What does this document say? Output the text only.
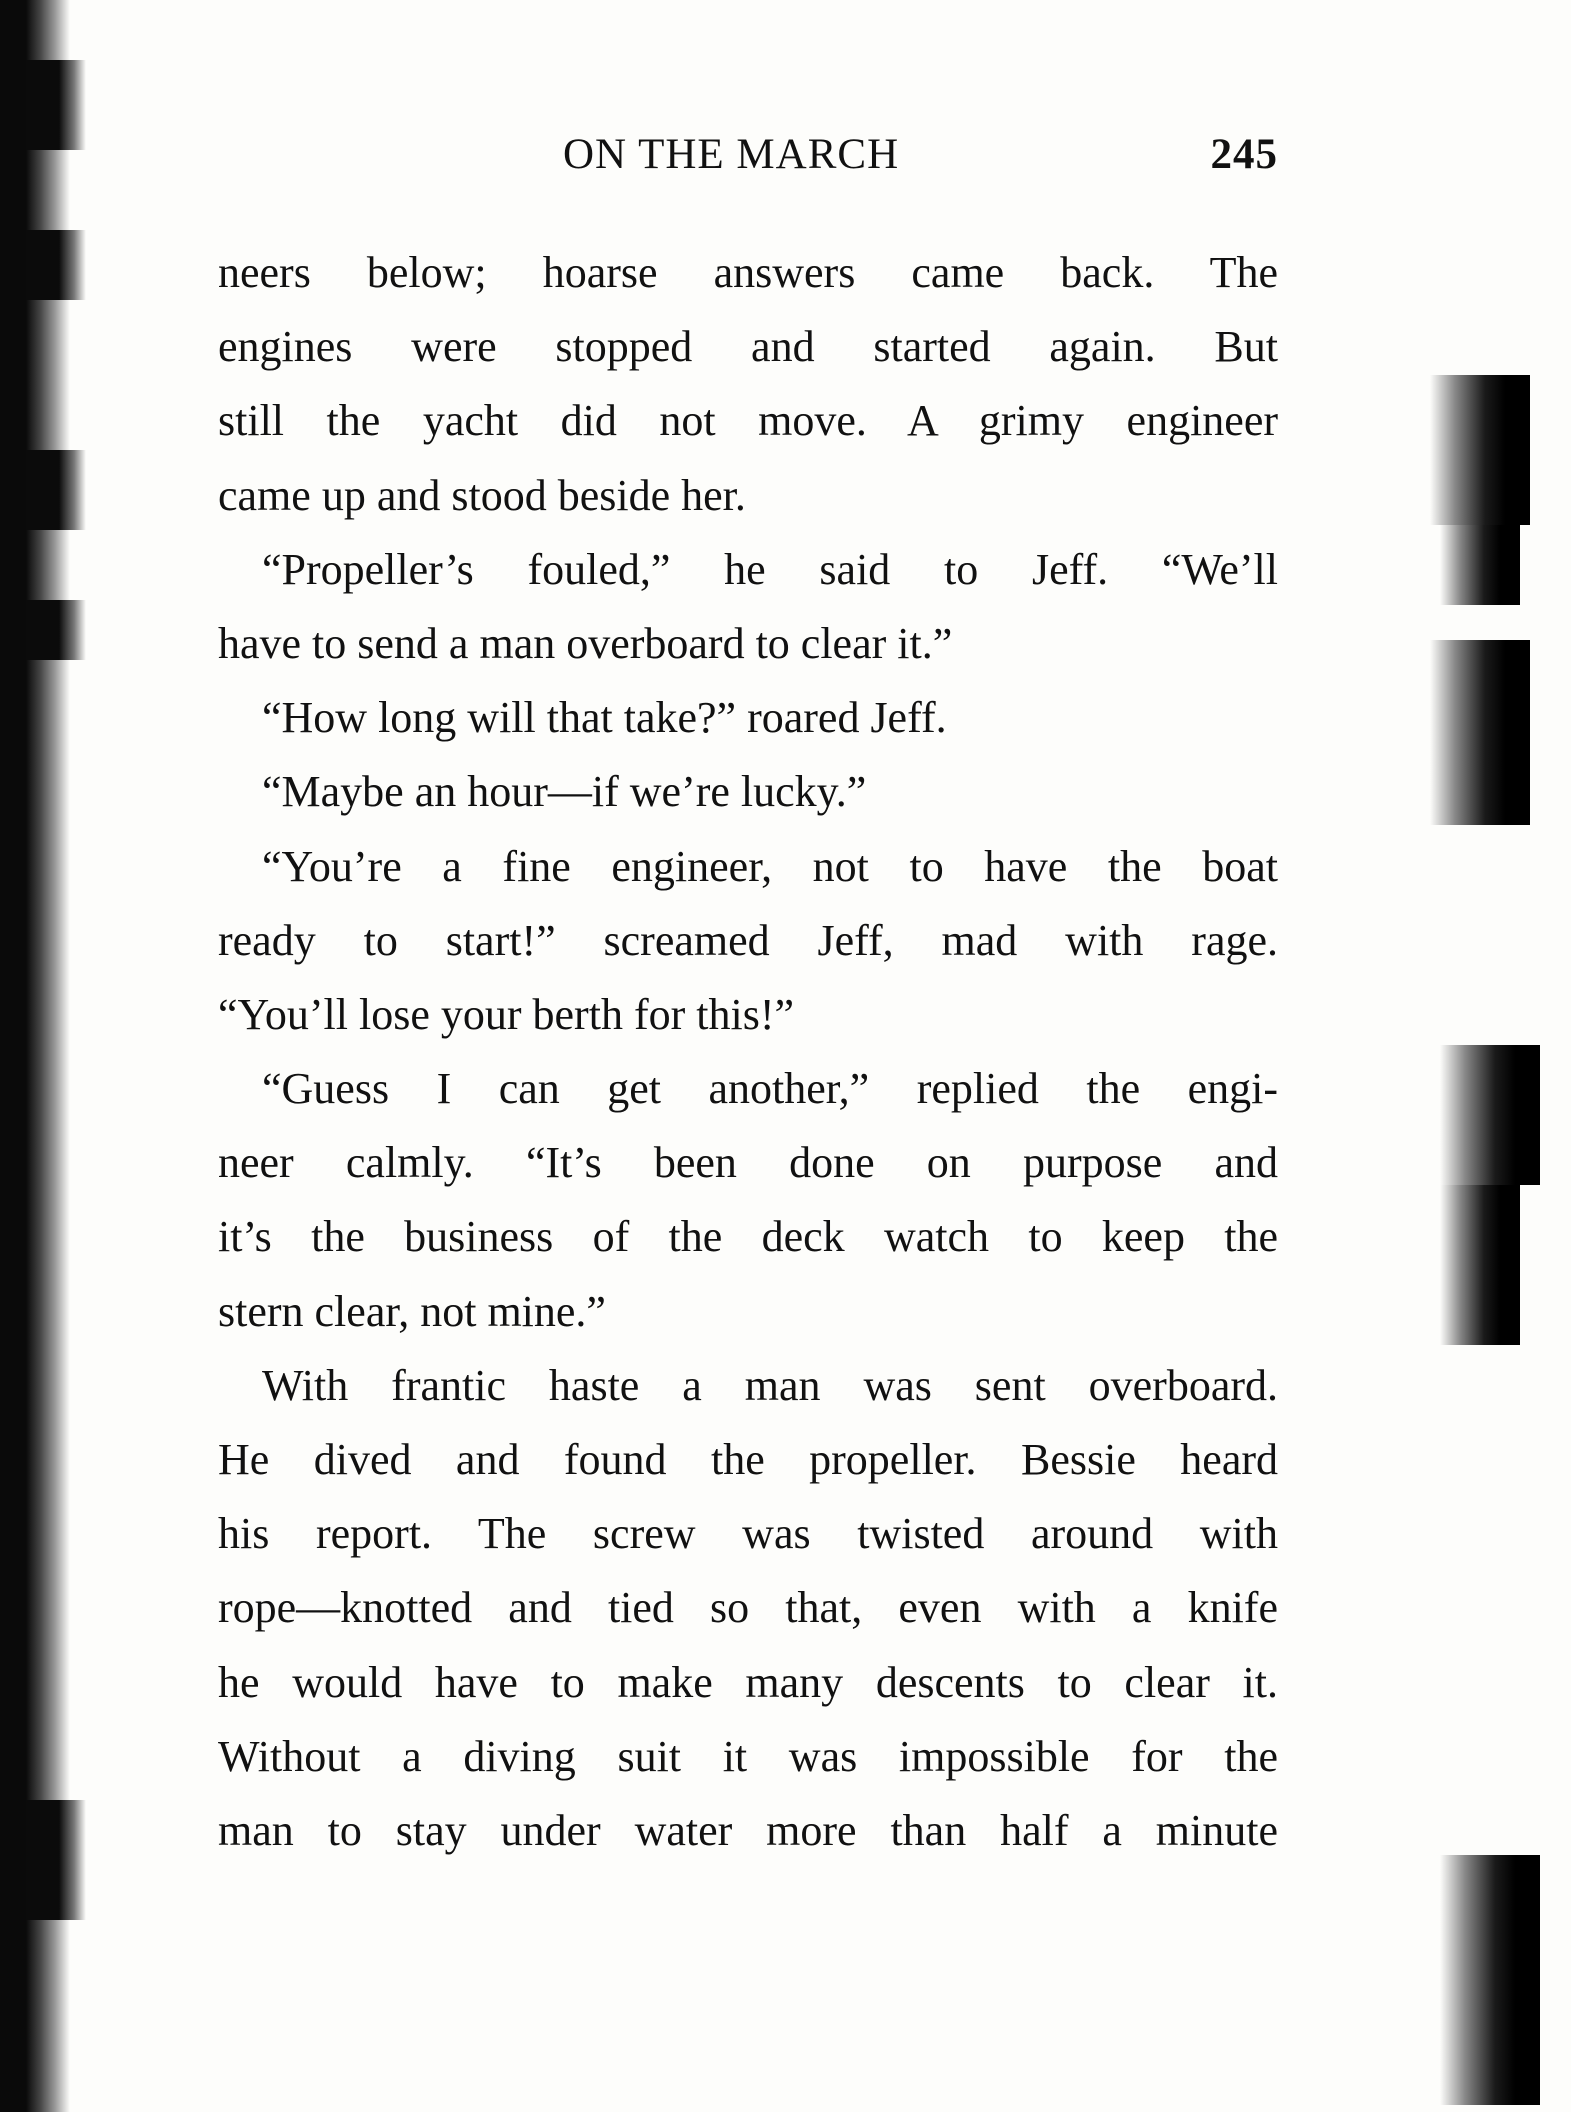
ON THE MARCH	245
neers below; hoarse answers came back. The
engines were stopped and started again. But
still the yacht did not move. A grimy engineer
came up and stood beside her.
“Propeller’s fouled,” he said to Jeff. “We’ll
have to send a man overboard to clear it.”
“How long will that take?” roared Jeff.
“Maybe an hour—if we’re lucky.”
“You’re a fine engineer, not to have the boat
ready to start!” screamed Jeff, mad with rage.
“You’ll lose your berth for this!”
“Guess I can get another,” replied the engi-
neer calmly. “It’s been done on purpose and
it’s the business of the deck watch to keep the
stern clear, not mine.”
With frantic haste a man was sent overboard.
He dived and found the propeller. Bessie heard
his report. The screw was twisted around with
rope—knotted and tied so that, even with a knife
he would have to make many descents to clear it.
Without a diving suit it was impossible for the
man to stay under water more than half a minute
